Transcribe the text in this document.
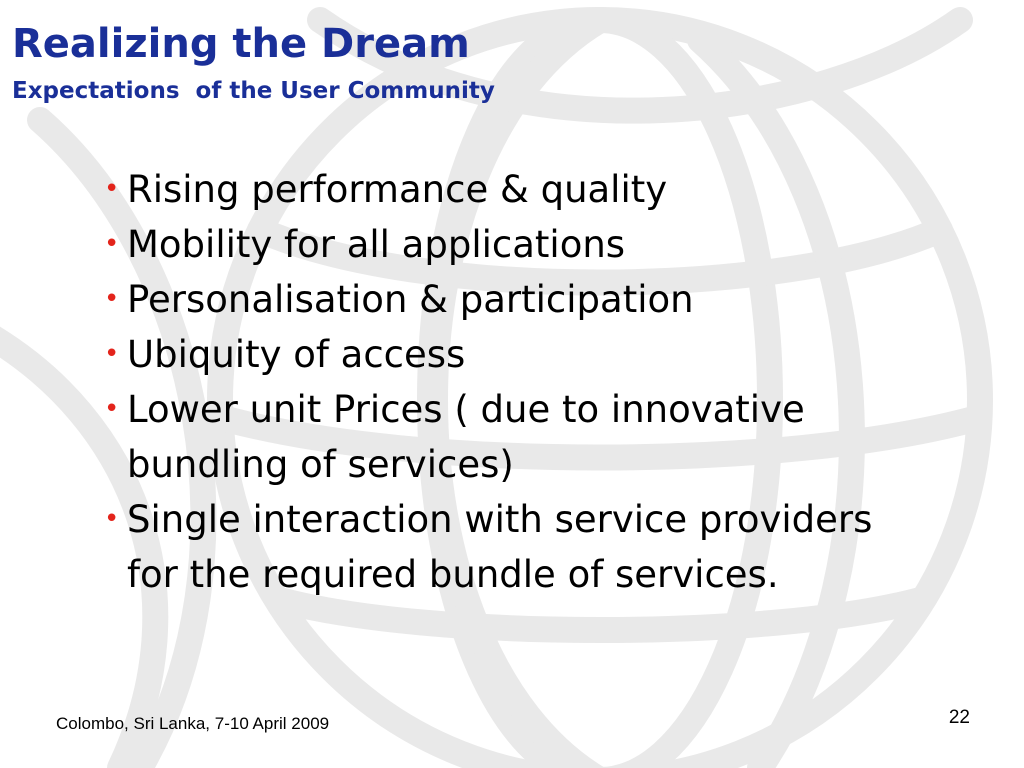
Realizing the Dream
Expectations  of the User Community
• Rising performance & quality
• Mobility for all applications
• Personalisation & participation
• Ubiquity of access
• Lower unit Prices ( due to innovative bundling of services)
• Single interaction with service providers for the required bundle of services.
Colombo, Sri Lanka, 7-10 April 2009	22
